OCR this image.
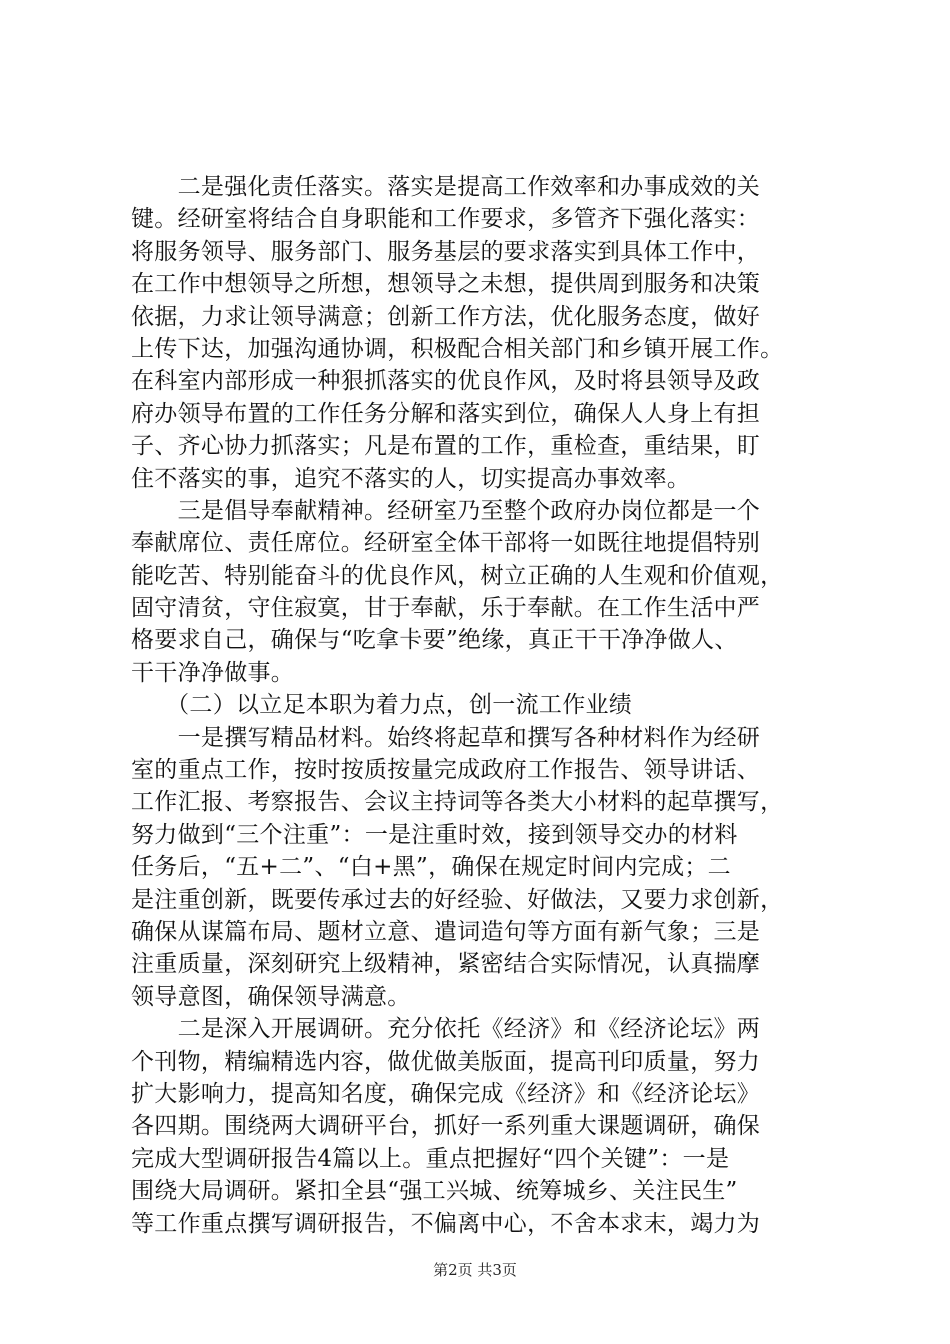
　　二是强化责任落实。落实是提高工作效率和办事成效的关
键。经研室将结合自身职能和工作要求，多管齐下强化落实：
将服务领导、服务部门、服务基层的要求落实到具体工作中，
在工作中想领导之所想，想领导之未想，提供周到服务和决策
依据，力求让领导满意；创新工作方法，优化服务态度，做好
上传下达，加强沟通协调，积极配合相关部门和乡镇开展工作。
在科室内部形成一种狠抓落实的优良作风，及时将县领导及政
府办领导布置的工作任务分解和落实到位，确保人人身上有担
子、齐心协力抓落实；凡是布置的工作，重检查，重结果，盯
住不落实的事，追究不落实的人，切实提高办事效率。
　　三是倡导奉献精神。经研室乃至整个政府办岗位都是一个
奉献席位、责任席位。经研室全体干部将一如既往地提倡特别
能吃苦、特别能奋斗的优良作风，树立正确的人生观和价值观，
固守清贫，守住寂寞，甘于奉献，乐于奉献。在工作生活中严
格要求自己，确保与“吃拿卡要”绝缘，真正干干净净做人、
干干净净做事。
　　（二）以立足本职为着力点，创一流工作业绩
　　一是撰写精品材料。始终将起草和撰写各种材料作为经研
室的重点工作，按时按质按量完成政府工作报告、领导讲话、
工作汇报、考察报告、会议主持词等各类大小材料的起草撰写，
努力做到“三个注重”：一是注重时效，接到领导交办的材料
任务后，“五+二”、“白+黑”，确保在规定时间内完成；二
是注重创新，既要传承过去的好经验、好做法，又要力求创新，
确保从谋篇布局、题材立意、遣词造句等方面有新气象；三是
注重质量，深刻研究上级精神，紧密结合实际情况，认真揣摩
领导意图，确保领导满意。
　　二是深入开展调研。充分依托《经济》和《经济论坛》两
个刊物，精编精选内容，做优做美版面，提高刊印质量，努力
扩大影响力，提高知名度，确保完成《经济》和《经济论坛》
各四期。围绕两大调研平台，抓好一系列重大课题调研，确保
完成大型调研报告4篇以上。重点把握好“四个关键”：一是
围绕大局调研。紧扣全县“强工兴城、统筹城乡、关注民生”
等工作重点撰写调研报告，不偏离中心，不舍本求末，竭力为
第2页 共3页
